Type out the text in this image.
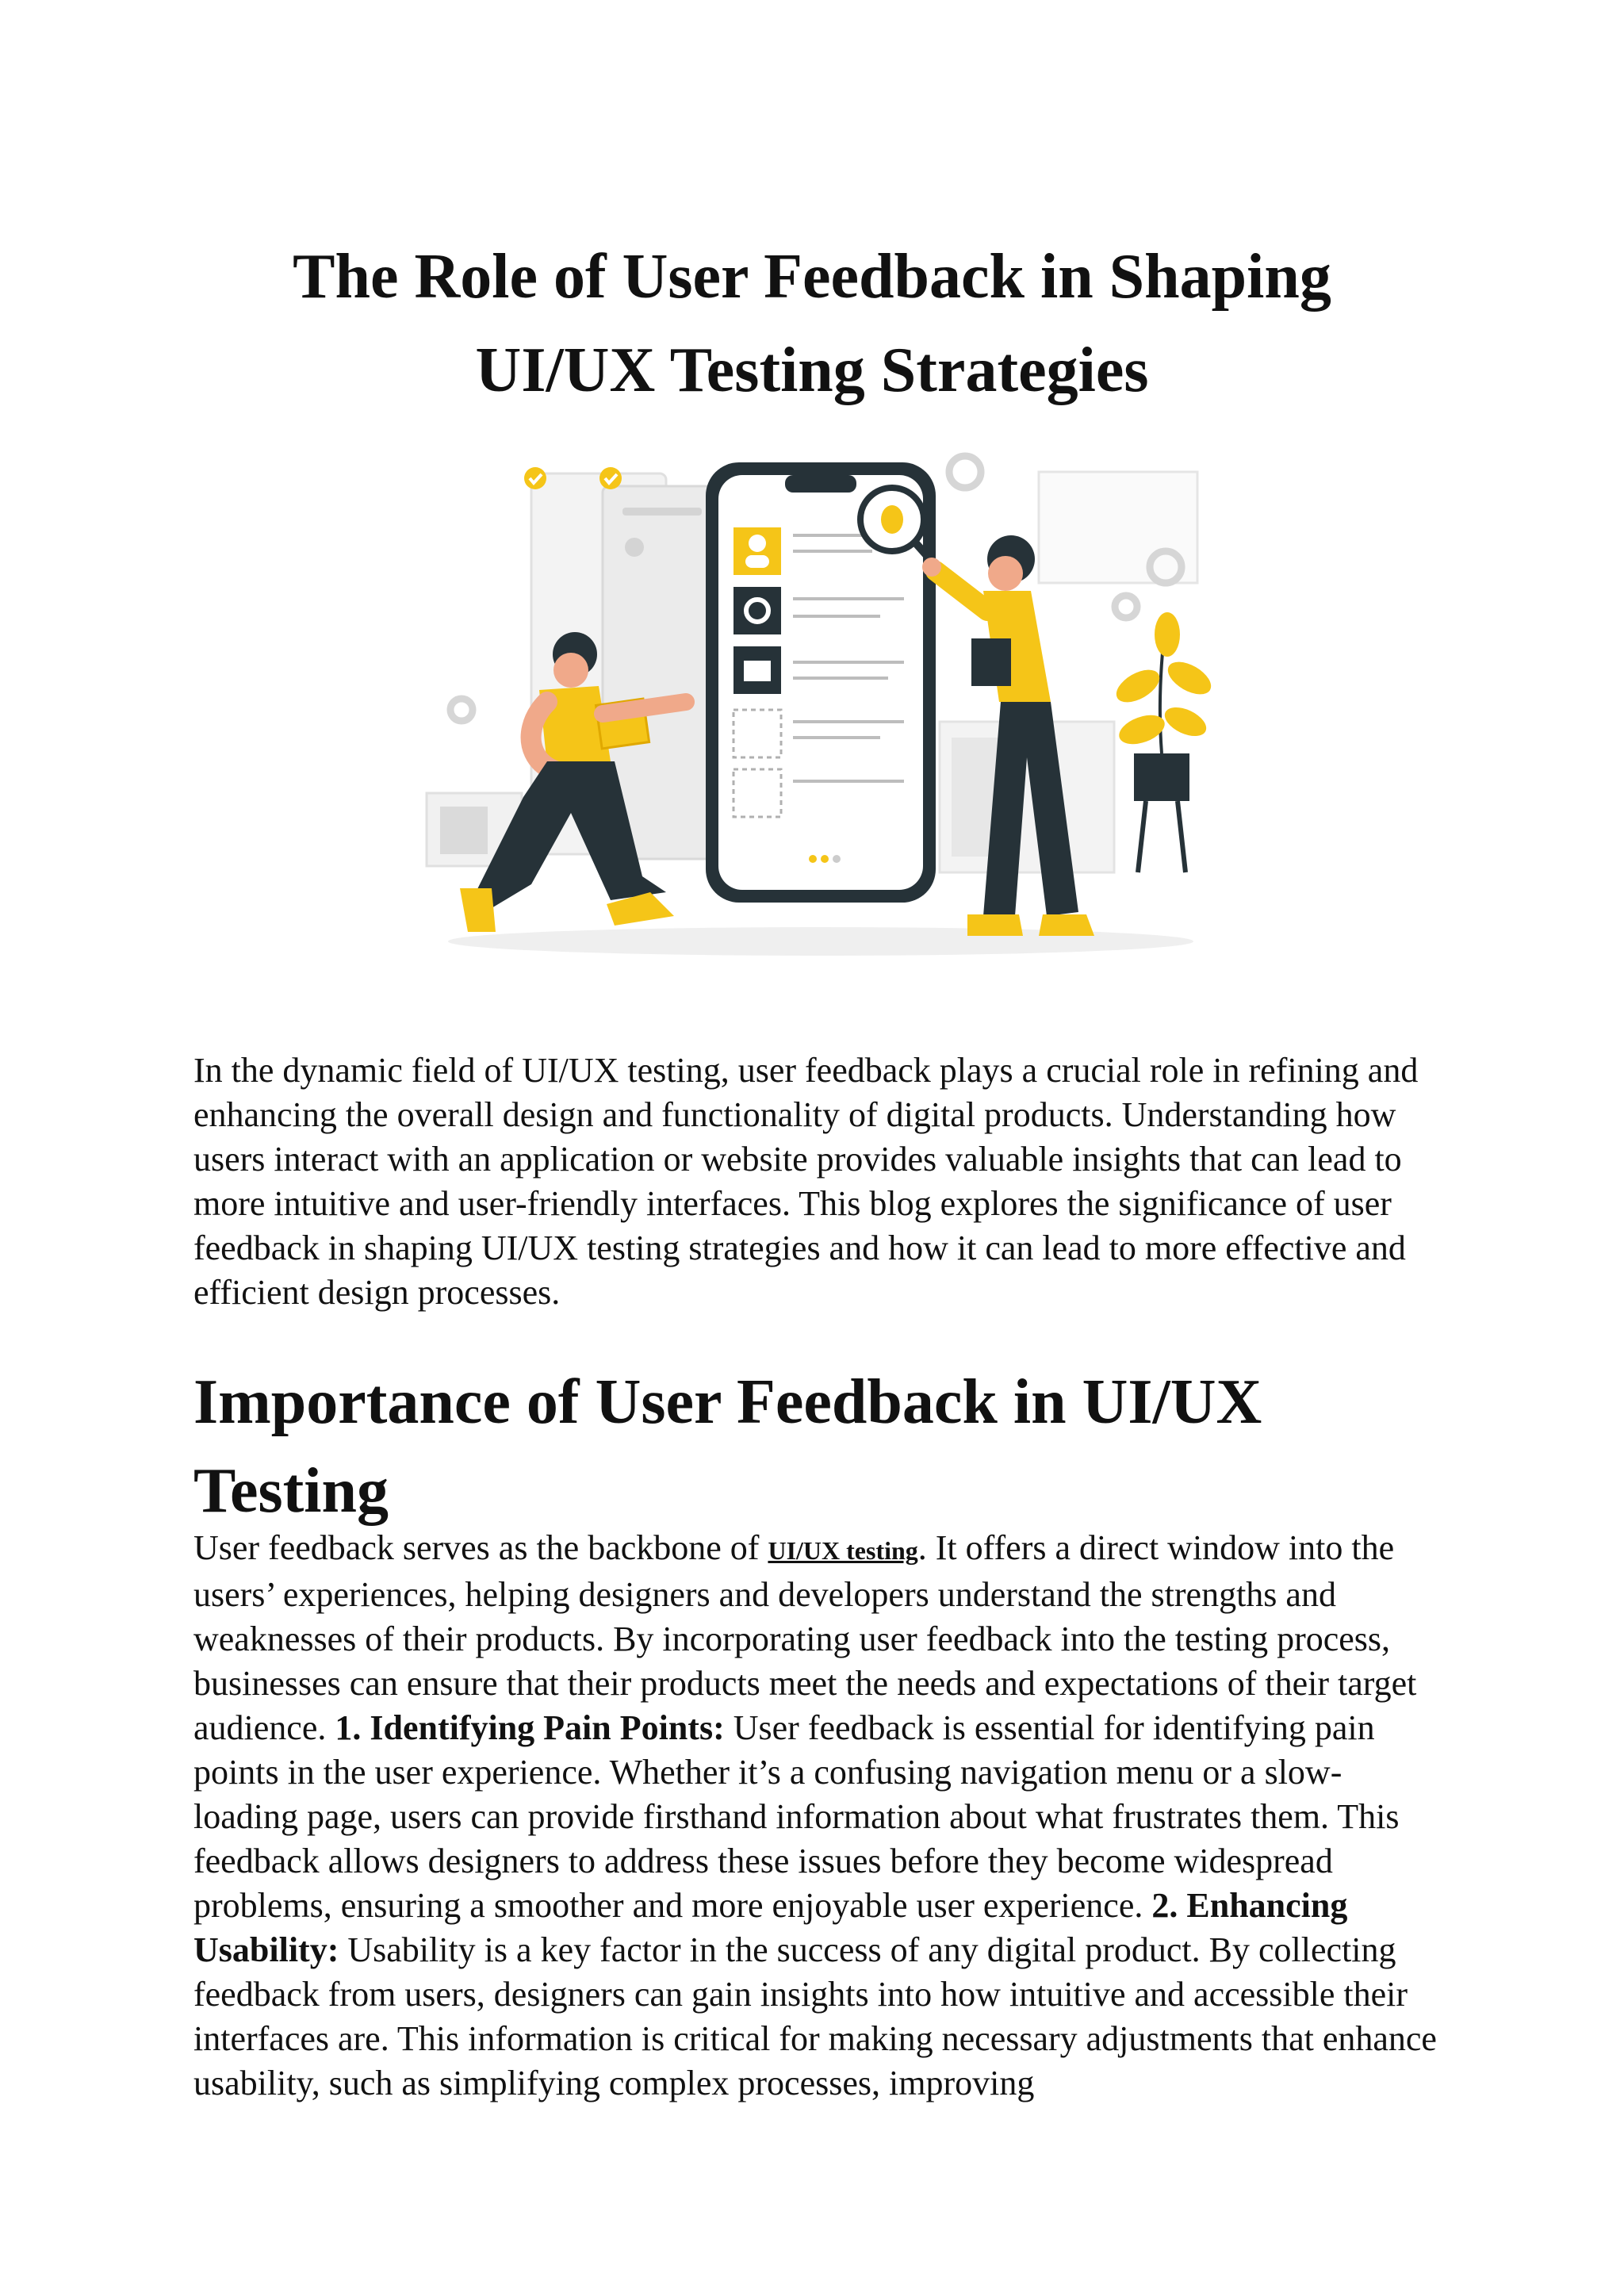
The Role of User Feedback in Shaping
UI/UX Testing Strategies

In the dynamic field of UI/UX testing, user feedback plays a crucial role in refining and enhancing the overall design and functionality of digital products. Understanding how users interact with an application or website provides valuable insights that can lead to more intuitive and user-friendly interfaces. This blog explores the significance of user feedback in shaping UI/UX testing strategies and how it can lead to more effective and efficient design processes.

Importance of User Feedback in UI/UX Testing

User feedback serves as the backbone of UI/UX testing. It offers a direct window into the users’ experiences, helping designers and developers understand the strengths and weaknesses of their products. By incorporating user feedback into the testing process, businesses can ensure that their products meet the needs and expectations of their target audience. 1. Identifying Pain Points: User feedback is essential for identifying pain points in the user experience. Whether it’s a confusing navigation menu or a slow-loading page, users can provide firsthand information about what frustrates them. This feedback allows designers to address these issues before they become widespread problems, ensuring a smoother and more enjoyable user experience. 2. Enhancing Usability: Usability is a key factor in the success of any digital product. By collecting feedback from users, designers can gain insights into how intuitive and accessible their interfaces are. This information is critical for making necessary adjustments that enhance usability, such as simplifying complex processes, improving
